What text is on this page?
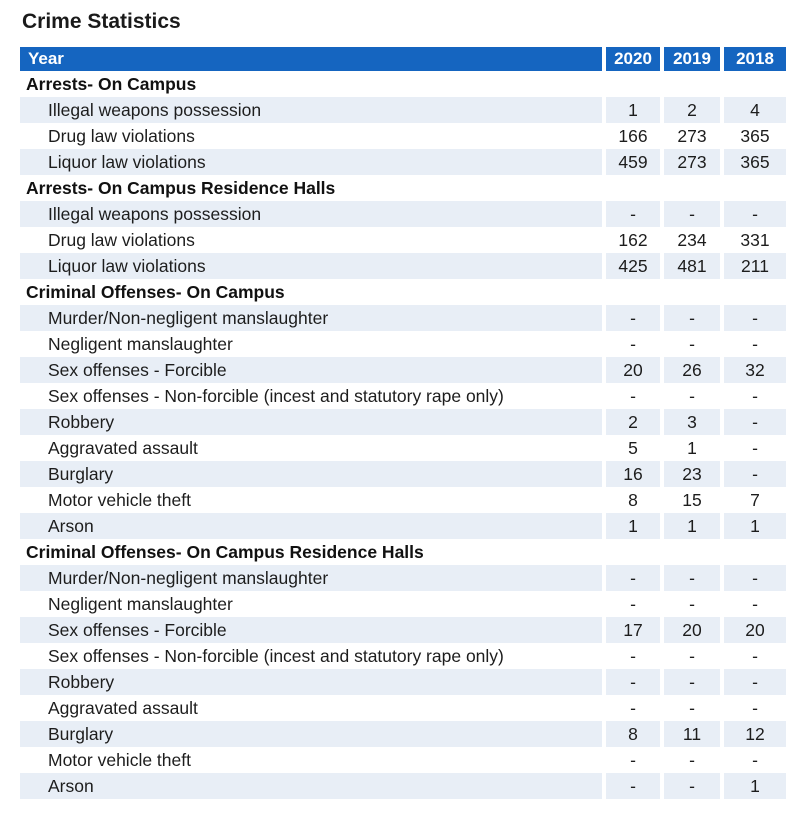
Crime Statistics
Year	2020	2019	2018
Arrests- On Campus			
Illegal weapons possession	1	2	4
Drug law violations	166	273	365
Liquor law violations	459	273	365
Arrests- On Campus Residence Halls			
Illegal weapons possession	-	-	-
Drug law violations	162	234	331
Liquor law violations	425	481	211
Criminal Offenses- On Campus			
Murder/Non-negligent manslaughter	-	-	-
Negligent manslaughter	-	-	-
Sex offenses - Forcible	20	26	32
Sex offenses - Non-forcible (incest and statutory rape only)	-	-	-
Robbery	2	3	-
Aggravated assault	5	1	-
Burglary	16	23	-
Motor vehicle theft	8	15	7
Arson	1	1	1
Criminal Offenses- On Campus Residence Halls			
Murder/Non-negligent manslaughter	-	-	-
Negligent manslaughter	-	-	-
Sex offenses - Forcible	17	20	20
Sex offenses - Non-forcible (incest and statutory rape only)	-	-	-
Robbery	-	-	-
Aggravated assault	-	-	-
Burglary	8	11	12
Motor vehicle theft	-	-	-
Arson	-	-	1
